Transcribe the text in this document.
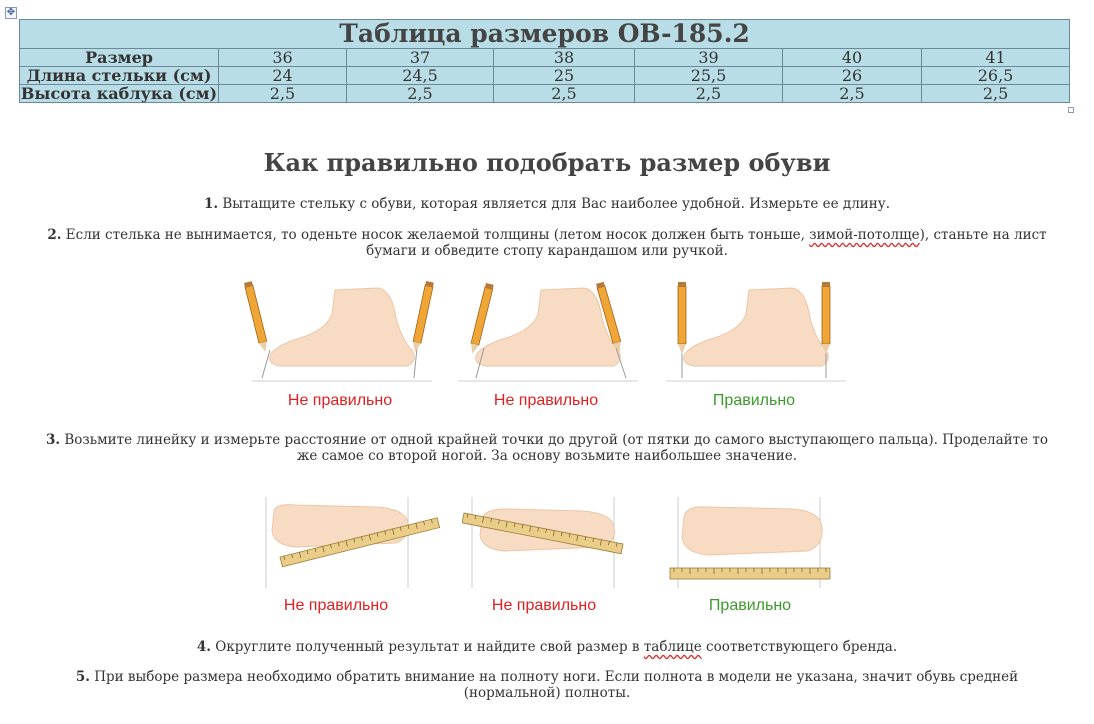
✥
Таблица размеров OB-185.2						
Размер	36	37	38	39	40	41
Длина стельки (см)	24	24,5	25	25,5	26	26,5
Высота каблука (см)	2,5	2,5	2,5	2,5	2,5	2,5
Как правильно подобрать размер обуви
1. Вытащите стельку с обуви, которая является для Вас наиболее удобной. Измерьте ее длину.
2. Если стелька не вынимается, то оденьте носок желаемой толщины (летом носок должен быть тоньше, зимой-потолще), станьте на лист
бумаги и обведите стопу карандашом или ручкой.
Не правильно	Не правильно	Правильно
3. Возьмите линейку и измерьте расстояние от одной крайней точки до другой (от пятки до самого выступающего пальца). Проделайте то
же самое со второй ногой. За основу возьмите наибольшее значение.
Не правильно	Не правильно	Правильно
4. Округлите полученный результат и найдите свой размер в таблице соответствующего бренда.
5. При выборе размера необходимо обратить внимание на полноту ноги. Если полнота в модели не указана, значит обувь средней
(нормальной) полноты.
